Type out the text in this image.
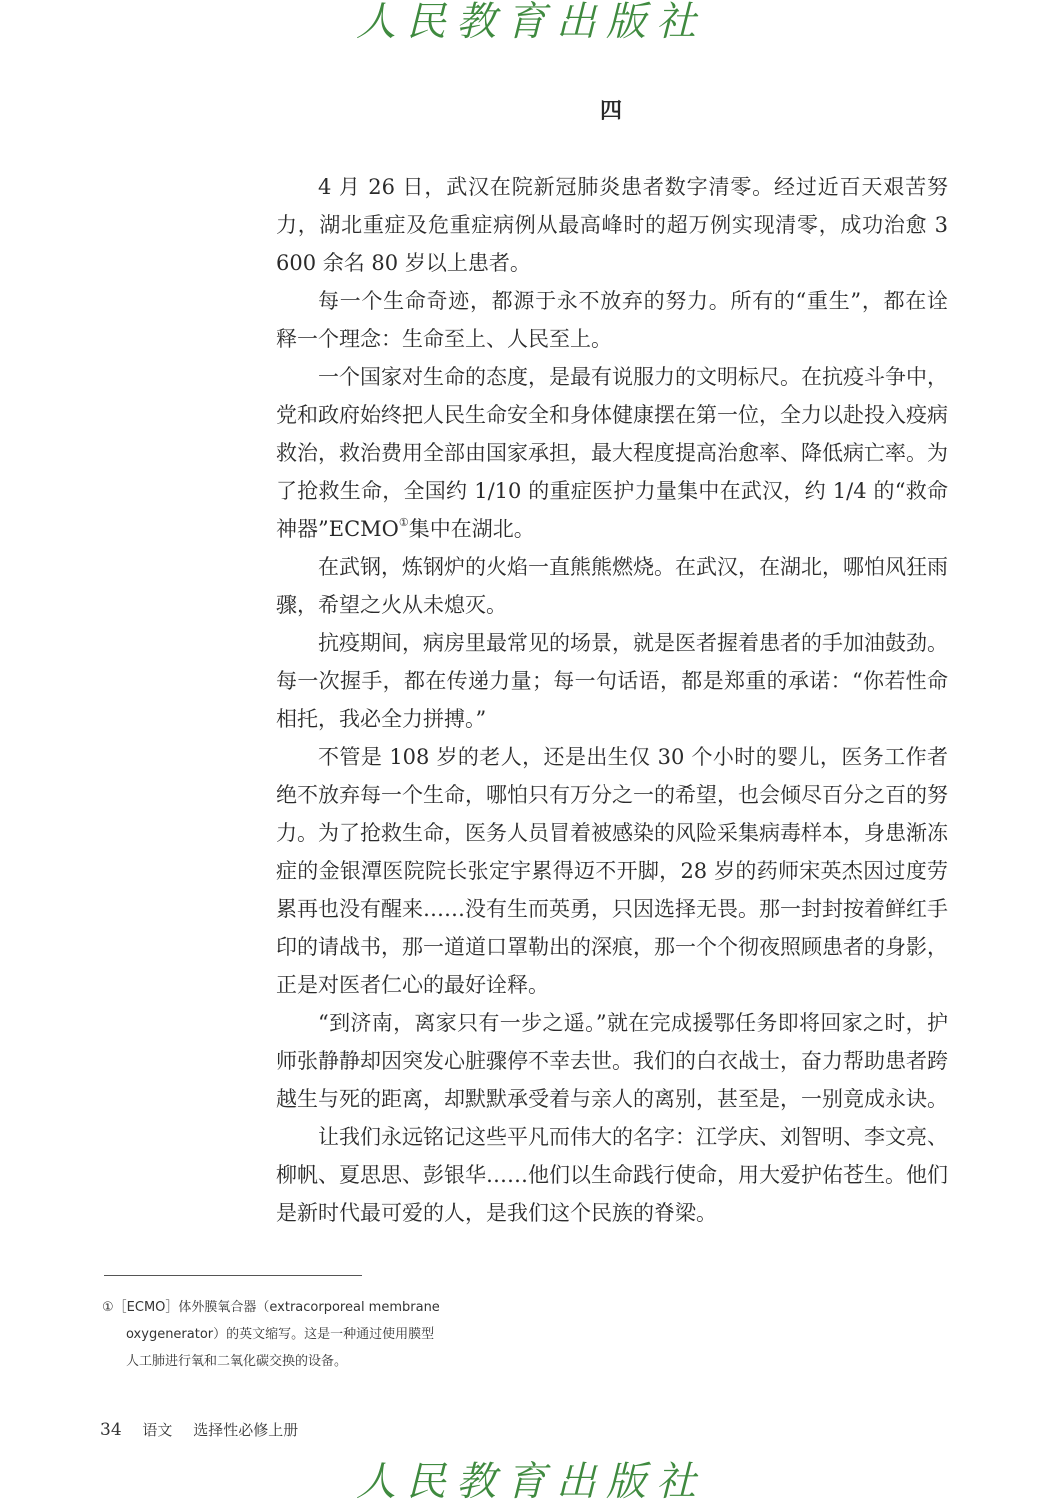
人民教育出版社
四

4 月 26 日，武汉在院新冠肺炎患者数字清零。经过近百天艰苦努力，湖北重症及危重症病例从最高峰时的超万例实现清零，成功治愈 3 600 余名 80 岁以上患者。

每一个生命奇迹，都源于永不放弃的努力。所有的“重生”，都在诠释一个理念：生命至上、人民至上。

一个国家对生命的态度，是最有说服力的文明标尺。在抗疫斗争中，党和政府始终把人民生命安全和身体健康摆在第一位，全力以赴投入疫病救治，救治费用全部由国家承担，最大程度提高治愈率、降低病亡率。为了抢救生命，全国约 1/10 的重症医护力量集中在武汉，约 1/4 的“救命神器”ECMO①集中在湖北。

在武钢，炼钢炉的火焰一直熊熊燃烧。在武汉，在湖北，哪怕风狂雨骤，希望之火从未熄灭。

抗疫期间，病房里最常见的场景，就是医者握着患者的手加油鼓劲。每一次握手，都在传递力量；每一句话语，都是郑重的承诺：“你若性命相托，我必全力拼搏。”

不管是 108 岁的老人，还是出生仅 30 个小时的婴儿，医务工作者绝不放弃每一个生命，哪怕只有万分之一的希望，也会倾尽百分之百的努力。为了抢救生命，医务人员冒着被感染的风险采集病毒样本，身患渐冻症的金银潭医院院长张定宇累得迈不开脚，28 岁的药师宋英杰因过度劳累再也没有醒来……没有生而英勇，只因选择无畏。那一封封按着鲜红手印的请战书，那一道道口罩勒出的深痕，那一个个彻夜照顾患者的身影，正是对医者仁心的最好诠释。

“到济南，离家只有一步之遥。”就在完成援鄂任务即将回家之时，护师张静静却因突发心脏骤停不幸去世。我们的白衣战士，奋力帮助患者跨越生与死的距离，却默默承受着与亲人的离别，甚至是，一别竟成永诀。

让我们永远铭记这些平凡而伟大的名字：江学庆、刘智明、李文亮、柳帆、夏思思、彭银华……他们以生命践行使命，用大爱护佑苍生。他们是新时代最可爱的人，是我们这个民族的脊梁。

①［ECMO］体外膜氧合器（extracorporeal membrane
oxygenerator）的英文缩写。这是一种通过使用膜型
人工肺进行氧和二氧化碳交换的设备。
34 语文 选择性必修上册
人民教育出版社
